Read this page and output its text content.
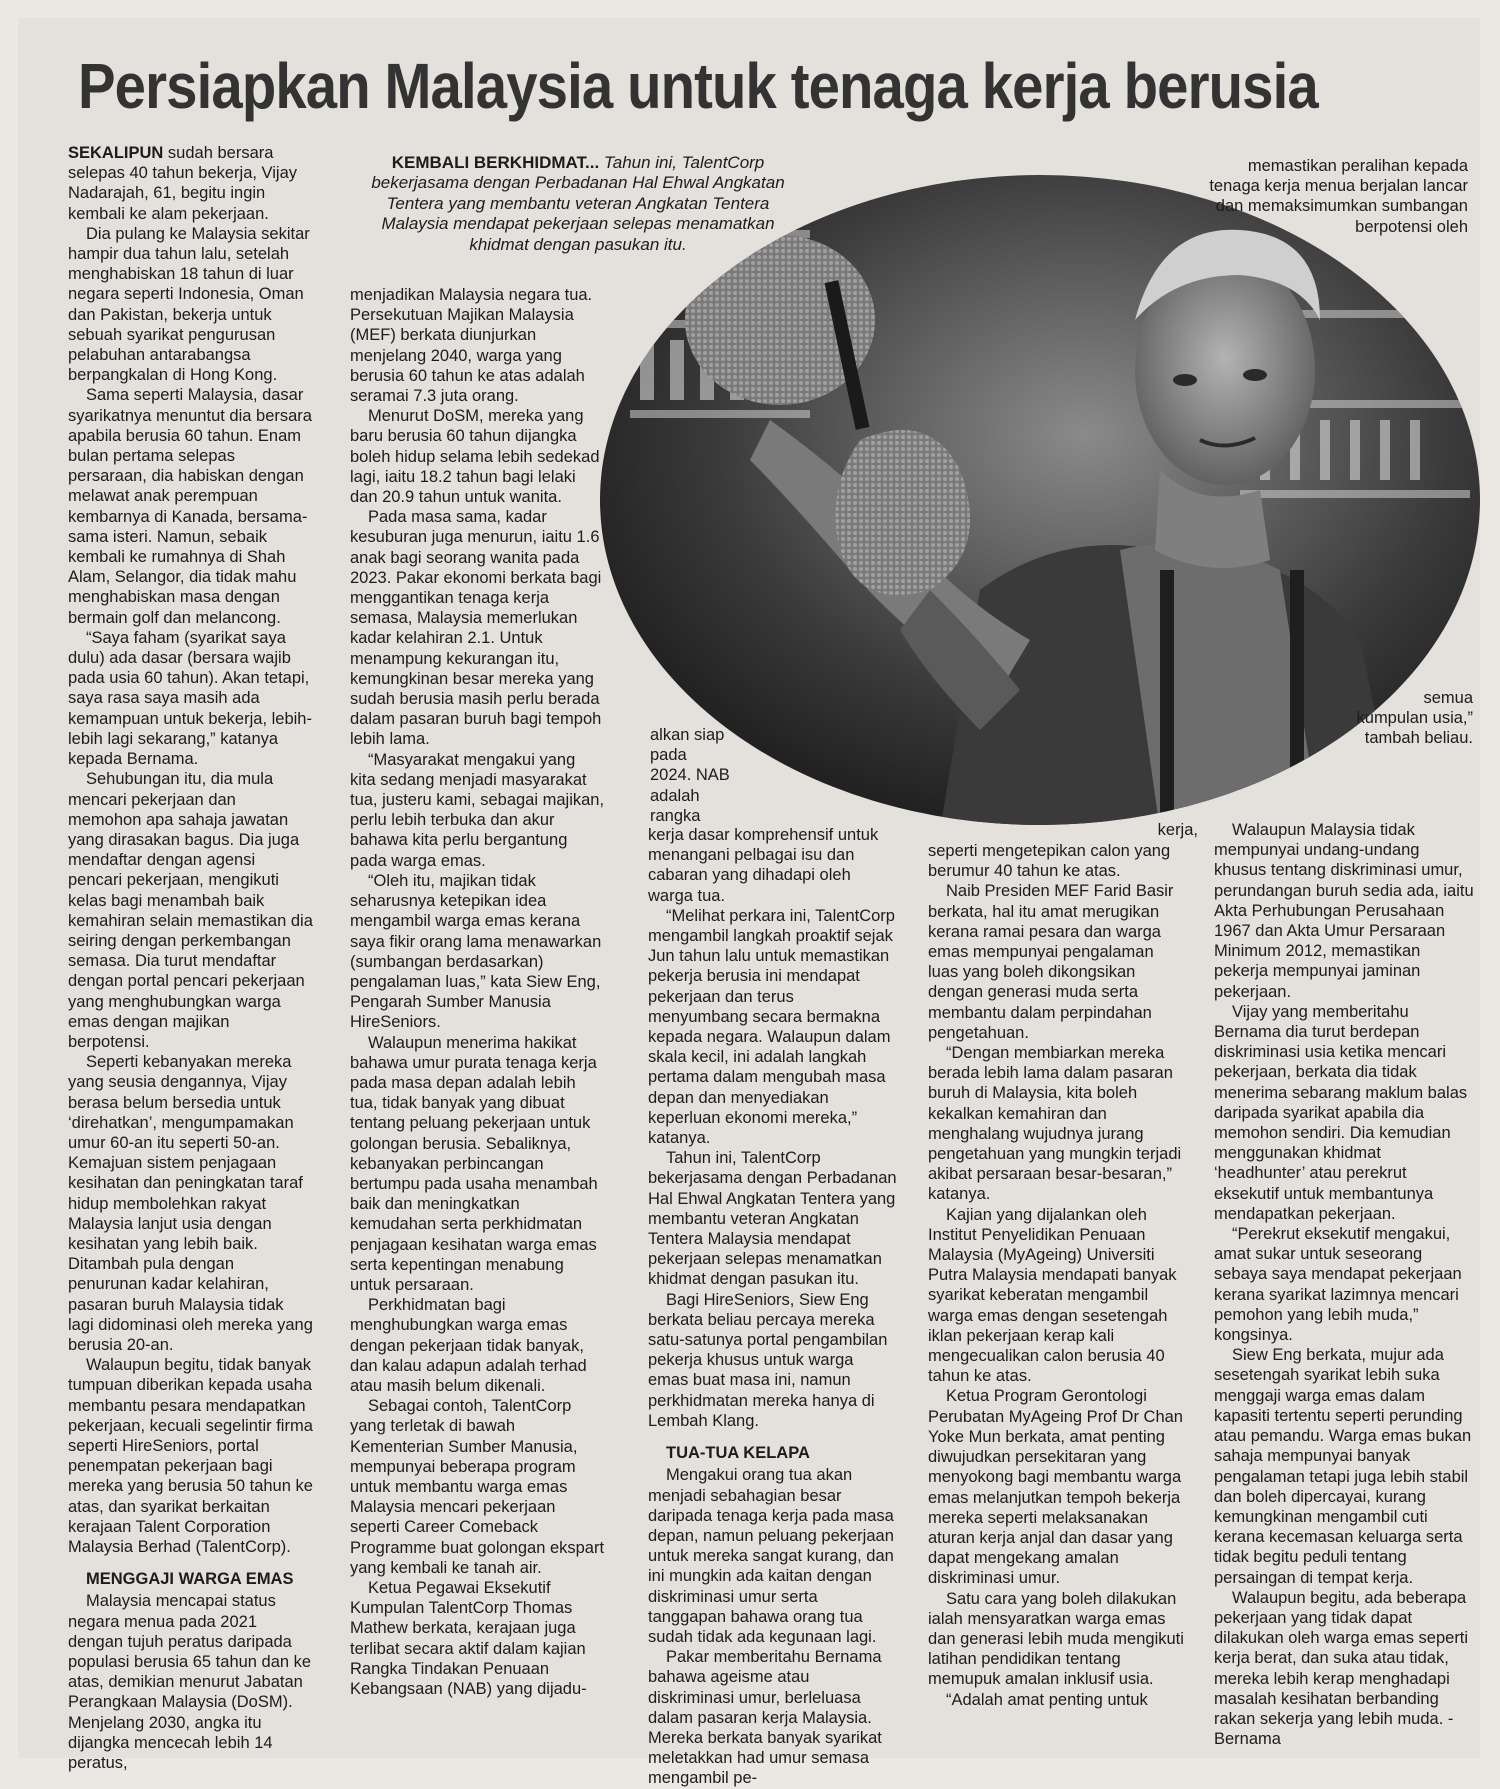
Persiapkan Malaysia untuk tenaga kerja berusia
KEMBALI BERKHIDMAT... Tahun ini, TalentCorp bekerjasama dengan Perbadanan Hal Ehwal Angkatan Tentera yang membantu veteran Angkatan Tentera Malaysia mendapat pekerjaan selepas menamatkan khidmat dengan pasukan itu.

SEKALIPUN sudah bersara selepas 40 tahun bekerja, Vijay Nadarajah, 61, begitu ingin kembali ke alam pekerjaan.

Dia pulang ke Malaysia sekitar hampir dua tahun lalu, setelah menghabiskan 18 tahun di luar negara seperti Indonesia, Oman dan Pakistan, bekerja untuk sebuah syarikat pengurusan pelabuhan antarabangsa berpangkalan di Hong Kong.

Sama seperti Malaysia, dasar syarikatnya menuntut dia bersara apabila berusia 60 tahun. Enam bulan pertama selepas persaraan, dia habiskan dengan melawat anak perempuan kembarnya di Kanada, bersama-sama isteri. Namun, sebaik kembali ke rumahnya di Shah Alam, Selangor, dia tidak mahu menghabiskan masa dengan bermain golf dan melancong.

“Saya faham (syarikat saya dulu) ada dasar (bersara wajib pada usia 60 tahun). Akan tetapi, saya rasa saya masih ada kemampuan untuk bekerja, lebih-lebih lagi sekarang,” katanya kepada Bernama.

Sehubungan itu, dia mula mencari pekerjaan dan memohon apa sahaja jawatan yang dirasakan bagus. Dia juga mendaftar dengan agensi pencari pekerjaan, mengikuti kelas bagi menambah baik kemahiran selain memastikan dia seiring dengan perkembangan semasa. Dia turut mendaftar dengan portal pencari pekerjaan yang menghubungkan warga emas dengan majikan berpotensi.

Seperti kebanyakan mereka yang seusia dengannya, Vijay berasa belum bersedia untuk ‘direhatkan’, mengumpamakan umur 60-an itu seperti 50-an. Kemajuan sistem penjagaan kesihatan dan peningkatan taraf hidup membolehkan rakyat Malaysia lanjut usia dengan kesihatan yang lebih baik. Ditambah pula dengan penurunan kadar kelahiran, pasaran buruh Malaysia tidak lagi didominasi oleh mereka yang berusia 20-an.

Walaupun begitu, tidak banyak tumpuan diberikan kepada usaha membantu pesara mendapatkan pekerjaan, kecuali segelintir firma seperti HireSeniors, portal penempatan pekerjaan bagi mereka yang berusia 50 tahun ke atas, dan syarikat berkaitan kerajaan Talent Corporation Malaysia Berhad (TalentCorp).

MENGGAJI WARGA EMAS

Malaysia mencapai status negara menua pada 2021 dengan tujuh peratus daripada populasi berusia 65 tahun dan ke atas, demikian menurut Jabatan Perangkaan Malaysia (DoSM). Menjelang 2030, angka itu dijangka mencecah lebih 14 peratus,

menjadikan Malaysia negara tua. Persekutuan Majikan Malaysia (MEF) berkata diunjurkan menjelang 2040, warga yang berusia 60 tahun ke atas adalah seramai 7.3 juta orang.

Menurut DoSM, mereka yang baru berusia 60 tahun dijangka boleh hidup selama lebih sedekad lagi, iaitu 18.2 tahun bagi lelaki dan 20.9 tahun untuk wanita.

Pada masa sama, kadar kesuburan juga menurun, iaitu 1.6 anak bagi seorang wanita pada 2023. Pakar ekonomi berkata bagi menggantikan tenaga kerja semasa, Malaysia memerlukan kadar kelahiran 2.1. Untuk menampung kekurangan itu, kemungkinan besar mereka yang sudah berusia masih perlu berada dalam pasaran buruh bagi tempoh lebih lama.

“Masyarakat mengakui yang kita sedang menjadi masyarakat tua, justeru kami, sebagai majikan, perlu lebih terbuka dan akur bahawa kita perlu bergantung pada warga emas.

“Oleh itu, majikan tidak seharusnya ketepikan idea mengambil warga emas kerana saya fikir orang lama menawarkan (sumbangan berdasarkan) pengalaman luas,” kata Siew Eng, Pengarah Sumber Manusia HireSeniors.

Walaupun menerima hakikat bahawa umur purata tenaga kerja pada masa depan adalah lebih tua, tidak banyak yang dibuat tentang peluang pekerjaan untuk golongan berusia. Sebaliknya, kebanyakan perbincangan bertumpu pada usaha menambah baik dan meningkatkan kemudahan serta perkhidmatan penjagaan kesihatan warga emas serta kepentingan menabung untuk persaraan.

Perkhidmatan bagi menghubungkan warga emas dengan pekerjaan tidak banyak, dan kalau adapun adalah terhad atau masih belum dikenali.

Sebagai contoh, TalentCorp yang terletak di bawah Kementerian Sumber Manusia, mempunyai beberapa program untuk membantu warga emas Malaysia mencari pekerjaan seperti Career Comeback Programme buat golongan ekspart yang kembali ke tanah air.

Ketua Pegawai Eksekutif Kumpulan TalentCorp Thomas Mathew berkata, kerajaan juga terlibat secara aktif dalam kajian Rangka Tindakan Penuaan Kebangsaan (NAB) yang dijadu-

alkan siap pada 2024. NAB adalah rangka

kerja dasar komprehensif untuk menangani pelbagai isu dan cabaran yang dihadapi oleh warga tua.

“Melihat perkara ini, TalentCorp mengambil langkah proaktif sejak Jun tahun lalu untuk memastikan pekerja berusia ini mendapat pekerjaan dan terus menyumbang secara bermakna kepada negara. Walaupun dalam skala kecil, ini adalah langkah pertama dalam mengubah masa depan dan menyediakan keperluan ekonomi mereka,” katanya.

Tahun ini, TalentCorp bekerjasama dengan Perbadanan Hal Ehwal Angkatan Tentera yang membantu veteran Angkatan Tentera Malaysia mendapat pekerjaan selepas menamatkan khidmat dengan pasukan itu.

Bagi HireSeniors, Siew Eng berkata beliau percaya mereka satu-satunya portal pengambilan pekerja khusus untuk warga emas buat masa ini, namun perkhidmatan mereka hanya di Lembah Klang.

TUA-TUA KELAPA

Mengakui orang tua akan menjadi sebahagian besar daripada tenaga kerja pada masa depan, namun peluang pekerjaan untuk mereka sangat kurang, dan ini mungkin ada kaitan dengan diskriminasi umur serta tanggapan bahawa orang tua sudah tidak ada kegunaan lagi.

Pakar memberitahu Bernama bahawa ageisme atau diskriminasi umur, berleluasa dalam pasaran kerja Malaysia. Mereka berkata banyak syarikat meletakkan had umur semasa mengambil pe-

kerja,

seperti mengetepikan calon yang berumur 40 tahun ke atas.

Naib Presiden MEF Farid Basir berkata, hal itu amat merugikan kerana ramai pesara dan warga emas mempunyai pengalaman luas yang boleh dikongsikan dengan generasi muda serta membantu dalam perpindahan pengetahuan.

“Dengan membiarkan mereka berada lebih lama dalam pasaran buruh di Malaysia, kita boleh kekalkan kemahiran dan menghalang wujudnya jurang pengetahuan yang mungkin terjadi akibat persaraan besar-besaran,” katanya.

Kajian yang dijalankan oleh Institut Penyelidikan Penuaan Malaysia (MyAgeing) Universiti Putra Malaysia mendapati banyak syarikat keberatan mengambil warga emas dengan sesetengah iklan pekerjaan kerap kali mengecualikan calon berusia 40 tahun ke atas.

Ketua Program Gerontologi Perubatan MyAgeing Prof Dr Chan Yoke Mun berkata, amat penting diwujudkan persekitaran yang menyokong bagi membantu warga emas melanjutkan tempoh bekerja mereka seperti melaksanakan aturan kerja anjal dan dasar yang dapat mengekang amalan diskriminasi umur.

Satu cara yang boleh dilakukan ialah mensyaratkan warga emas dan generasi lebih muda mengikuti latihan pendidikan tentang memupuk amalan inklusif usia.

“Adalah amat penting untuk

memastikan peralihan kepada tenaga kerja menua berjalan lancar dan memaksimumkan sumbangan berpotensi oleh
semua kumpulan usia,” tambah beliau.

Walaupun Malaysia tidak mempunyai undang-undang khusus tentang diskriminasi umur, perundangan buruh sedia ada, iaitu Akta Perhubungan Perusahaan 1967 dan Akta Umur Persaraan Minimum 2012, memastikan pekerja mempunyai jaminan pekerjaan.

Vijay yang memberitahu Bernama dia turut berdepan diskriminasi usia ketika mencari pekerjaan, berkata dia tidak menerima sebarang maklum balas daripada syarikat apabila dia memohon sendiri. Dia kemudian menggunakan khidmat ‘headhunter’ atau perekrut eksekutif untuk membantunya mendapatkan pekerjaan.

“Perekrut eksekutif mengakui, amat sukar untuk seseorang sebaya saya mendapat pekerjaan kerana syarikat lazimnya mencari pemohon yang lebih muda,” kongsinya.

Siew Eng berkata, mujur ada sesetengah syarikat lebih suka menggaji warga emas dalam kapasiti tertentu seperti perunding atau pemandu. Warga emas bukan sahaja mempunyai banyak pengalaman tetapi juga lebih stabil dan boleh dipercayai, kurang kemungkinan mengambil cuti kerana kecemasan keluarga serta tidak begitu peduli tentang persaingan di tempat kerja.

Walaupun begitu, ada beberapa pekerjaan yang tidak dapat dilakukan oleh warga emas seperti kerja berat, dan suka atau tidak, mereka lebih kerap menghadapi masalah kesihatan berbanding rakan sekerja yang lebih muda. -Bernama
